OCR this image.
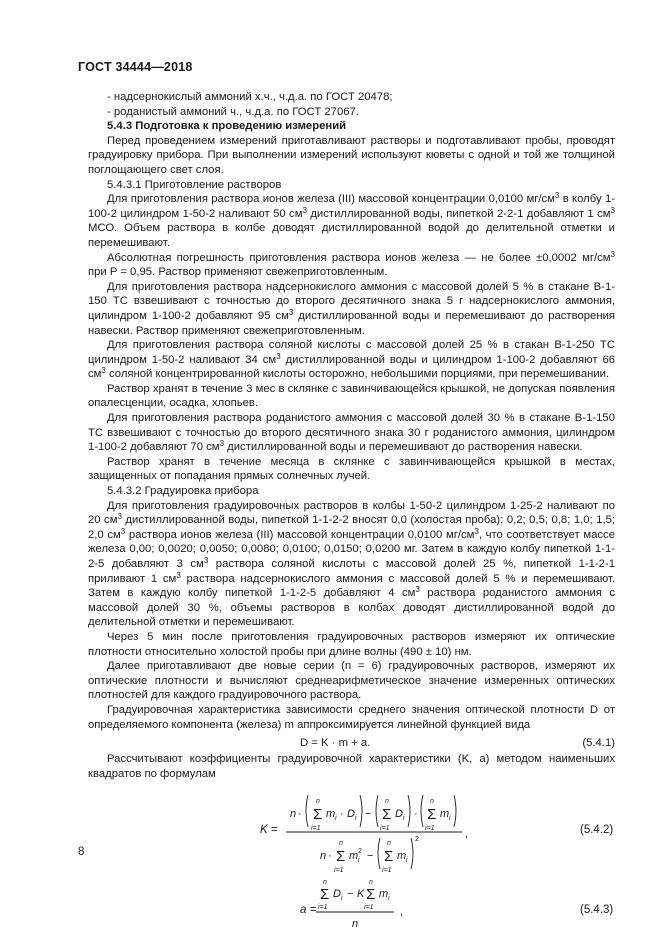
ГОСТ 34444—2018

- надсернокислый аммоний х.ч., ч.д.а. по ГОСТ 20478;

- роданистый аммоний ч., ч.д.а. по ГОСТ 27067.

5.4.3 Подготовка к проведению измерений

Перед проведением измерений приготавливают растворы и подготавливают пробы, проводят градуировку прибора. При выполнении измерений используют кюветы с одной и той же толщиной поглощающего свет слоя.

5.4.3.1 Приготовление растворов

Для приготовления раствора ионов железа (III) массовой концентрации 0,0100 $мг/см^3$ в колбу 1-100-2 цилиндром 1-50-2 наливают 50 $см^3$ дистиллированной воды, пипеткой 2-2-1 добавляют 1 $см^3$ МСО. Объем раствора в колбе доводят дистиллированной водой до делительной отметки и перемешивают.

Абсолютная погрешность приготовления раствора ионов железа — не более ±0,0002 $мг/см^3$ при P = 0,95. Раствор применяют свежеприготовленным.

Для приготовления раствора надсернокислого аммония с массовой долей 5 % в стакане В-1-150 ТС взвешивают с точностью до второго десятичного знака 5 г надсернокислого аммония, цилиндром 1-100-2 добавляют 95 $см^3$ дистиллированной воды и перемешивают до растворения навески. Раствор применяют свежеприготовленным.

Для приготовления раствора соляной кислоты с массовой долей 25 % в стакан В-1-250 ТС цилиндром 1-50-2 наливают 34 $см^3$ дистиллированной воды и цилиндром 1-100-2 добавляют 66 $см^3$ соляной концентрированной кислоты осторожно, небольшими порциями, при перемешивании.

Раствор хранят в течение 3 мес в склянке с завинчивающейся крышкой, не допуская появления опалесценции, осадка, хлопьев.

Для приготовления раствора роданистого аммония с массовой долей 30 % в стакане В-1-150 ТС взвешивают с точностью до второго десятичного знака 30 г роданистого аммония, цилиндром 1-100-2 добавляют 70 $см^3$ дистиллированной воды и перемешивают до растворения навески.

Раствор хранят в течение месяца в склянке с завинчивающейся крышкой в местах, защищенных от попадания прямых солнечных лучей.

5.4.3.2 Градуировка прибора

Для приготовления градуировочных растворов в колбы 1-50-2 цилиндром 1-25-2 наливают по 20 $см^3$ дистиллированной воды, пипеткой 1-1-2-2 вносят 0,0 (холостая проба); 0,2; 0,5; 0,8; 1,0; 1,5; 2,0 $см^3$ раствора ионов железа (III) массовой концентрации 0,0100 $мг/см^3$, что соответствует массе железа 0,00; 0,0020; 0,0050; 0,0080; 0,0100; 0,0150; 0,0200 мг. Затем в каждую колбу пипеткой 1-1-2-5 добавляют 3 $см^3$ раствора соляной кислоты с массовой долей 25 %, пипеткой 1-1-2-1 приливают 1 $см^3$ раствора надсернокислого аммония с массовой долей 5 % и перемешивают. Затем в каждую колбу пипеткой 1-1-2-5 добавляют 4 $см^3$ раствора роданистого аммония с массовой долей 30 %, объемы растворов в колбах доводят дистиллированной водой до делительной отметки и перемешивают.

Через 5 мин после приготовления градуировочных растворов измеряют их оптические плотности относительно холостой пробы при длине волны (490 ± 10) нм.

Далее приготавливают две новые серии (n = 6) градуировочных растворов, измеряют их оптические плотности и вычисляют среднеарифметическое значение измеренных оптических плотностей для каждого градуировочного раствора.

Градуировочная характеристика зависимости среднего значения оптической плотности D от определяемого компонента (железа) m аппроксимируется линейной функцией вида

D = K · m + a.	(5.4.1)

Рассчитывают коэффициенты градуировочной характеристики (K, a) методом наименьших квадратов по формулам

K =
n · Σ
n
i=1
m i · D i − Σ
n
i=1
D i · Σ
n
i=1
m i
,
n · Σ
n
i=1
m 2
i − Σ
n
i=1
m i
2
(5.4.2)
a =
Σ
n
i=1
D i − K Σ
n
i=1
m i
n
,	(5.4.3)
8
